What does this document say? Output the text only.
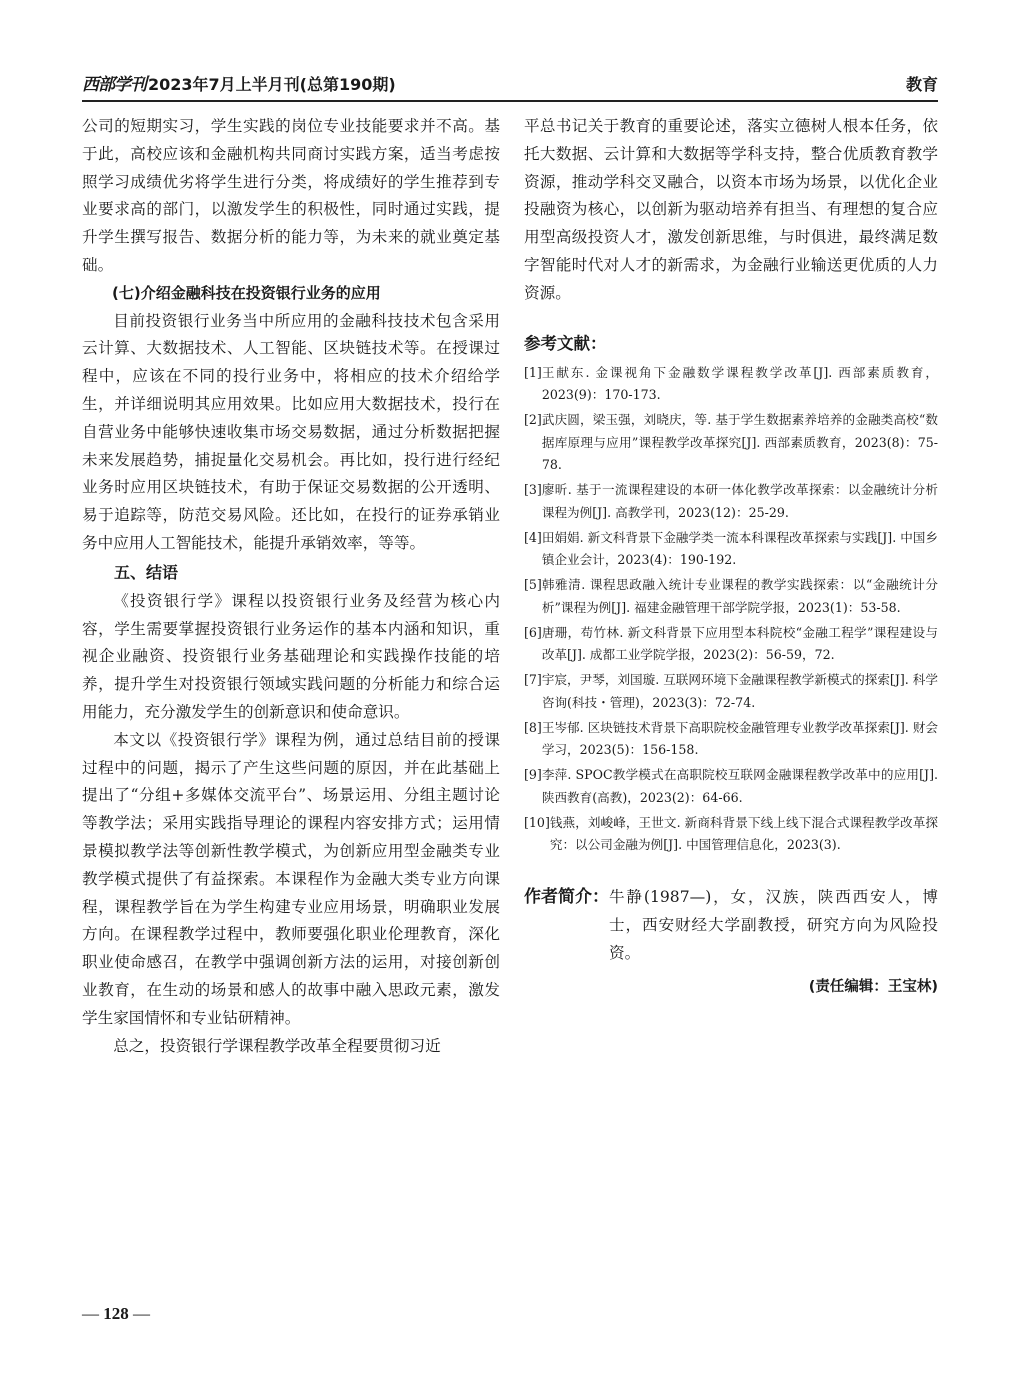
西部学刊 2023年7月上半月刊(总第190期)	教育

公司的短期实习，学生实践的岗位专业技能要求并不高。基于此，高校应该和金融机构共同商讨实践方案，适当考虑按照学习成绩优劣将学生进行分类，将成绩好的学生推荐到专业要求高的部门，以激发学生的积极性，同时通过实践，提升学生撰写报告、数据分析的能力等，为未来的就业奠定基础。

(七)介绍金融科技在投资银行业务的应用

目前投资银行业务当中所应用的金融科技技术包含采用云计算、大数据技术、人工智能、区块链技术等。在授课过程中，应该在不同的投行业务中，将相应的技术介绍给学生，并详细说明其应用效果。比如应用大数据技术，投行在自营业务中能够快速收集市场交易数据，通过分析数据把握未来发展趋势，捕捉量化交易机会。再比如，投行进行经纪业务时应用区块链技术，有助于保证交易数据的公开透明、易于追踪等，防范交易风险。还比如，在投行的证券承销业务中应用人工智能技术，能提升承销效率，等等。

五、结语

《投资银行学》课程以投资银行业务及经营为核心内容，学生需要掌握投资银行业务运作的基本内涵和知识，重视企业融资、投资银行业务基础理论和实践操作技能的培养，提升学生对投资银行领域实践问题的分析能力和综合运用能力，充分激发学生的创新意识和使命意识。

本文以《投资银行学》课程为例，通过总结目前的授课过程中的问题，揭示了产生这些问题的原因，并在此基础上提出了“分组+多媒体交流平台”、场景运用、分组主题讨论等教学法；采用实践指导理论的课程内容安排方式；运用情景模拟教学法等创新性教学模式，为创新应用型金融类专业教学模式提供了有益探索。本课程作为金融大类专业方向课程，课程教学旨在为学生构建专业应用场景，明确职业发展方向。在课程教学过程中，教师要强化职业伦理教育，深化职业使命感召，在教学中强调创新方法的运用，对接创新创业教育，在生动的场景和感人的故事中融入思政元素，激发学生家国情怀和专业钻研精神。

总之，投资银行学课程教学改革全程要贯彻习近

平总书记关于教育的重要论述，落实立德树人根本任务，依托大数据、云计算和大数据等学科支持，整合优质教育教学资源，推动学科交叉融合，以资本市场为场景，以优化企业投融资为核心，以创新为驱动培养有担当、有理想的复合应用型高级投资人才，激发创新思维，与时俱进，最终满足数字智能时代对人才的新需求，为金融行业输送更优质的人力资源。

参考文献：
[1] 王献东. 金课视角下金融数学课程教学改革[J]. 西部素质教育，2023(9)：170-173.
[2] 武庆圆，梁玉强，刘晓庆，等. 基于学生数据素养培养的金融类高校“数据库原理与应用”课程教学改革探究[J]. 西部素质教育，2023(8)：75-78.
[3] 廖昕. 基于一流课程建设的本研一体化教学改革探索：以金融统计分析课程为例[J]. 高教学刊，2023(12)：25-29.
[4] 田娟娟. 新文科背景下金融学类一流本科课程改革探索与实践[J]. 中国乡镇企业会计，2023(4)：190-192.
[5] 韩雅清. 课程思政融入统计专业课程的教学实践探索：以“金融统计分析”课程为例[J]. 福建金融管理干部学院学报，2023(1)：53-58.
[6] 唐珊，苟竹林. 新文科背景下应用型本科院校“金融工程学”课程建设与改革[J]. 成都工业学院学报，2023(2)：56-59，72.
[7] 宇宸，尹琴，刘国璇. 互联网环境下金融课程教学新模式的探索[J]. 科学咨询(科技・管理)，2023(3)：72-74.
[8] 王岑郁. 区块链技术背景下高职院校金融管理专业教学改革探索[J]. 财会学习，2023(5)：156-158.
[9] 李萍. SPOC教学模式在高职院校互联网金融课程教学改革中的应用[J]. 陕西教育(高教)，2023(2)：64-66.
[10] 钱燕，刘峻峰，王世文. 新商科背景下线上线下混合式课程教学改革探究：以公司金融为例[J]. 中国管理信息化，2023(3).
作者简介： 牛静(1987—)，女，汉族，陕西西安人，博士，西安财经大学副教授，研究方向为风险投资。
(责任编辑：王宝林)
— 128 —
